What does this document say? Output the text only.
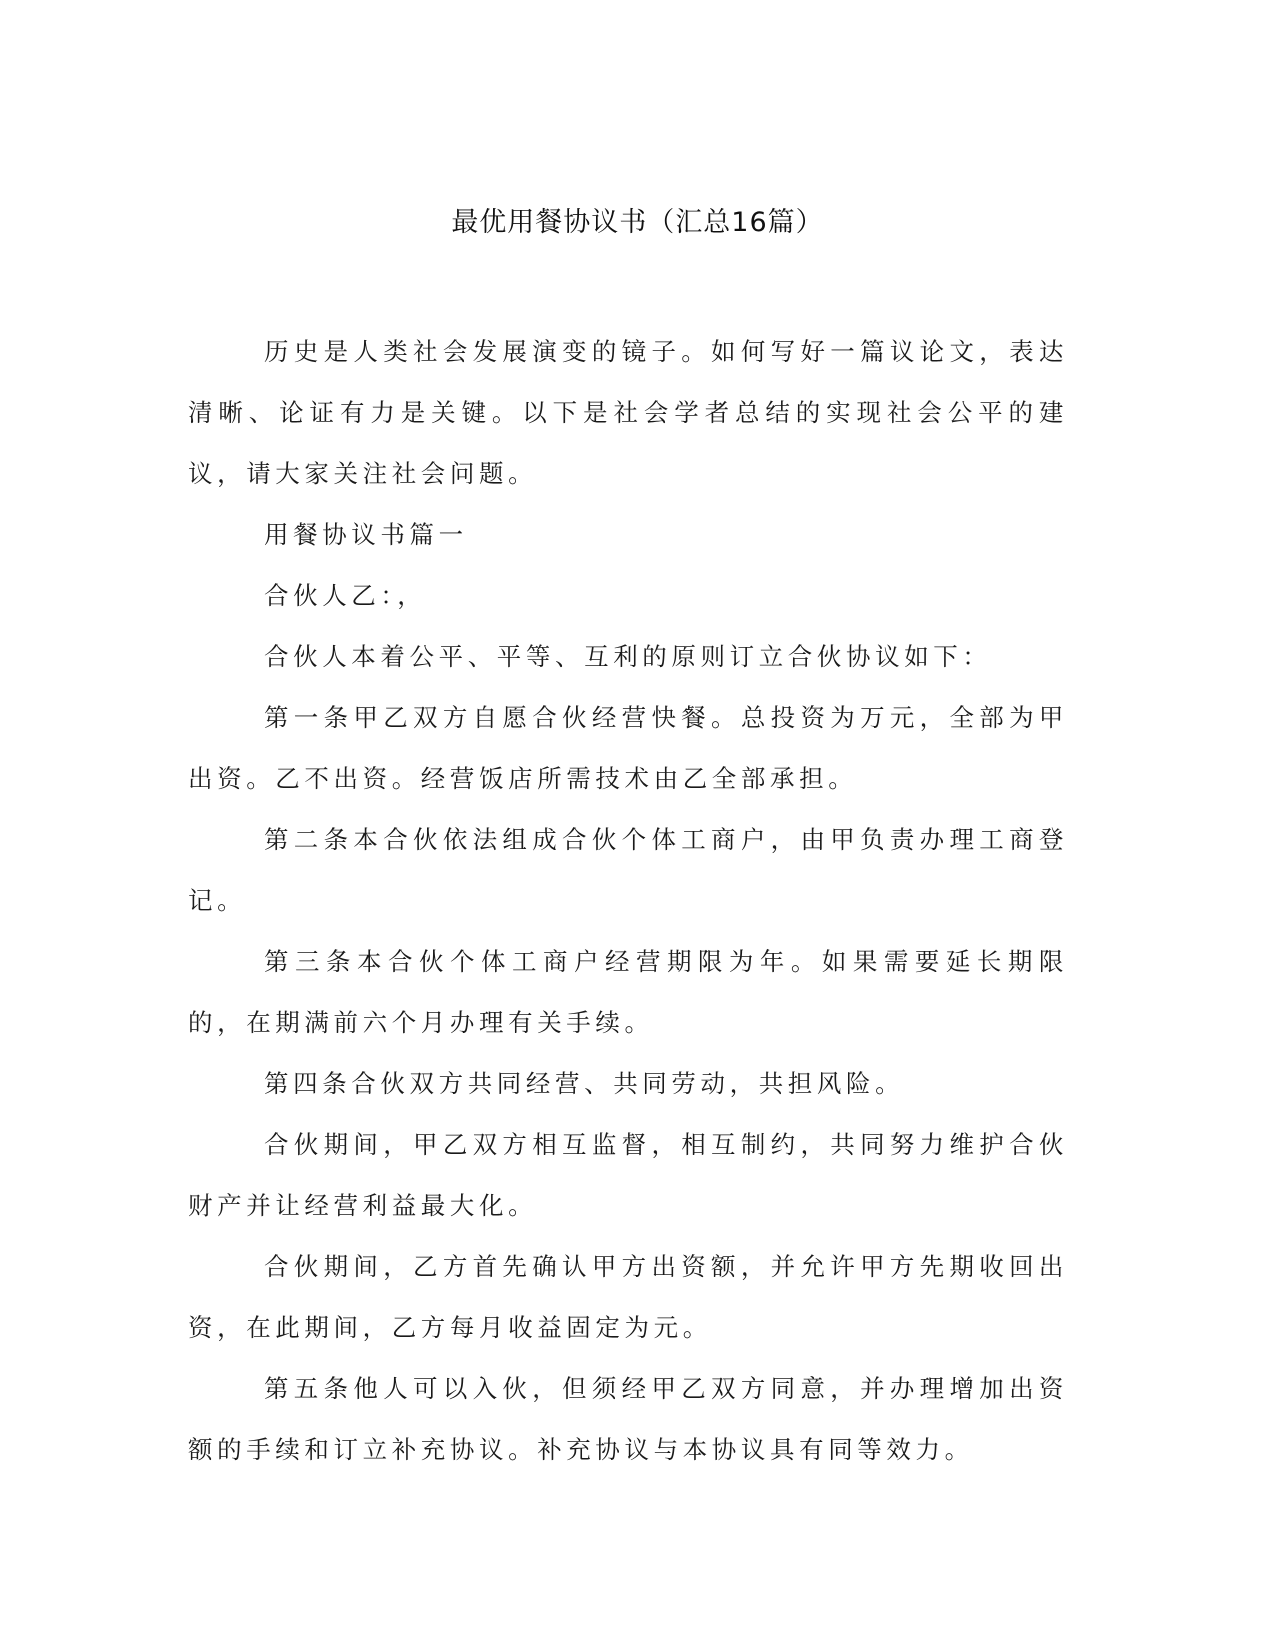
最优用餐协议书（汇总16篇）

历史是人类社会发展演变的镜子。如何写好一篇议论文，表达清晰、论证有力是关键。以下是社会学者总结的实现社会公平的建议，请大家关注社会问题。

用餐协议书篇一

合伙人乙：，

合伙人本着公平、平等、互利的原则订立合伙协议如下：

第一条甲乙双方自愿合伙经营快餐。总投资为万元，全部为甲出资。乙不出资。经营饭店所需技术由乙全部承担。

第二条本合伙依法组成合伙个体工商户，由甲负责办理工商登记。

第三条本合伙个体工商户经营期限为年。如果需要延长期限的，在期满前六个月办理有关手续。

第四条合伙双方共同经营、共同劳动，共担风险。

合伙期间，甲乙双方相互监督，相互制约，共同努力维护合伙财产并让经营利益最大化。

合伙期间，乙方首先确认甲方出资额，并允许甲方先期收回出资，在此期间，乙方每月收益固定为元。

第五条他人可以入伙，但须经甲乙双方同意，并办理增加出资额的手续和订立补充协议。补充协议与本协议具有同等效力。
